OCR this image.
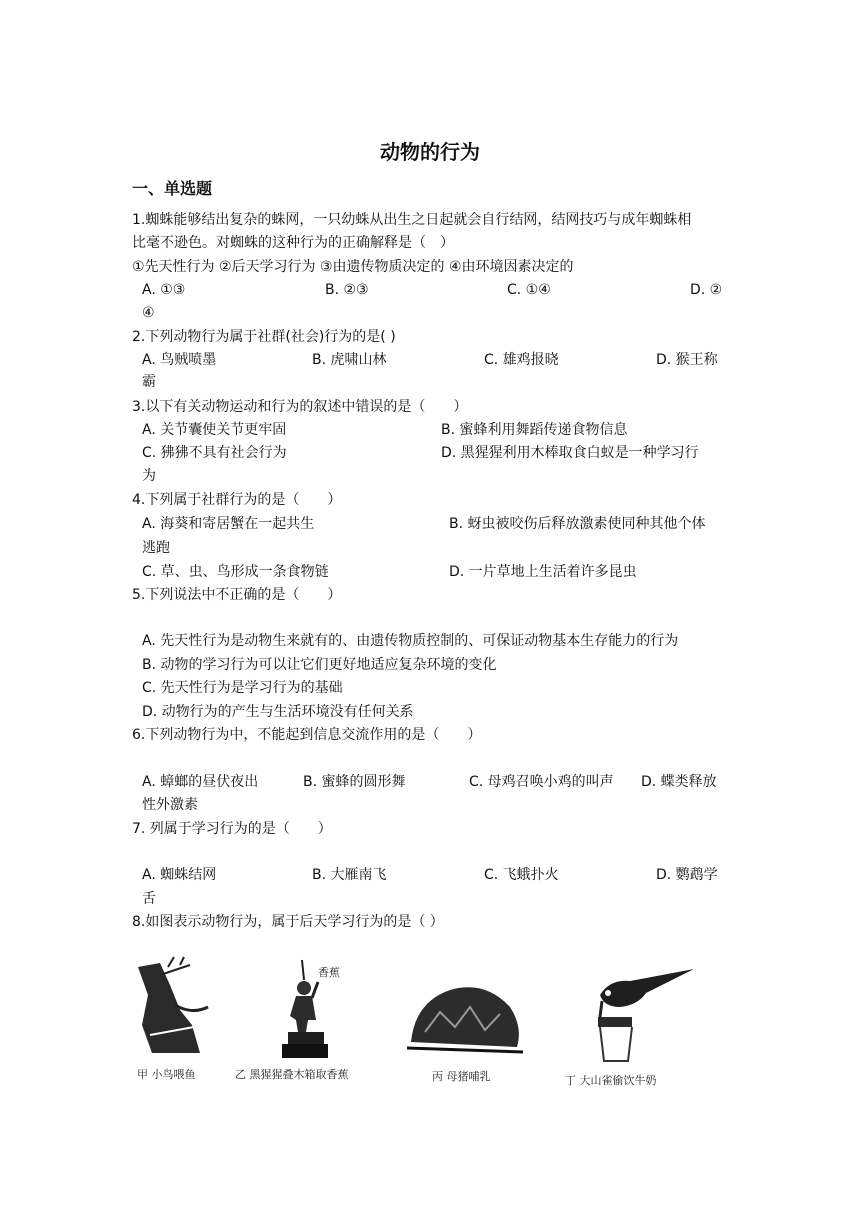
动物的行为
一、单选题
1.蜘蛛能够结出复杂的蛛网，一只幼蛛从出生之日起就会自行结网，结网技巧与成年蜘蛛相
比毫不逊色。对蜘蛛的这种行为的正确解释是（　）
①先天性行为 ②后天学习行为 ③由遗传物质决定的 ④由环境因素决定的
A. ①③	B. ②③	C. ①④	D. ②
④
2.下列动物行为属于社群(社会)行为的是( )
A. 鸟贼喷墨	B. 虎啸山林	C. 雄鸡报晓	D. 猴王称
霸
3.以下有关动物运动和行为的叙述中错误的是（　　）
A. 关节囊使关节更牢固	B. 蜜蜂利用舞蹈传递食物信息
C. 狒狒不具有社会行为	D. 黑猩猩利用木棒取食白蚁是一种学习行
为
4.下列属于社群行为的是（　　）
A. 海葵和寄居蟹在一起共生	B. 蚜虫被咬伤后释放激素使同种其他个体
逃跑
C. 草、虫、鸟形成一条食物链	D. 一片草地上生活着许多昆虫
5.下列说法中不正确的是（　　）
A. 先天性行为是动物生来就有的、由遗传物质控制的、可保证动物基本生存能力的行为
B. 动物的学习行为可以让它们更好地适应复杂环境的变化
C. 先天性行为是学习行为的基础
D. 动物行为的产生与生活环境没有任何关系
6.下列动物行为中，不能起到信息交流作用的是（　　）
A. 蟑螂的昼伏夜出	B. 蜜蜂的圆形舞	C. 母鸡召唤小鸡的叫声 D. 蝶类释放
性外激素
7. 列属于学习行为的是（　　）
A. 蜘蛛结网	B. 大雁南飞	C. 飞蛾扑火	D. 鹦鹉学
舌
8.如图表示动物行为，属于后天学习行为的是（ ）
香蕉
甲 小鸟喂鱼	乙 黑猩猩叠木箱取香蕉	丙 母猪哺乳	丁 大山雀偷饮牛奶
